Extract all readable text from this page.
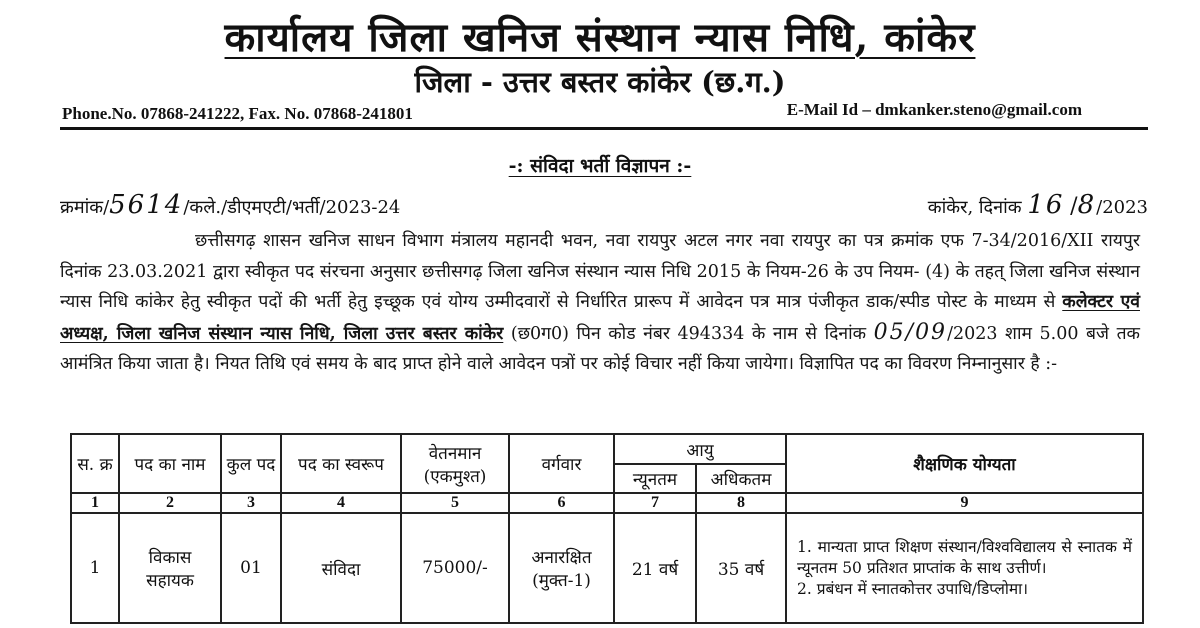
कार्यालय जिला खनिज संस्थान न्यास निधि, कांकेर
जिला - उत्तर बस्तर कांकेर (छ.ग.)
Phone.No. 07868-241222, Fax. No. 07868-241801	E-Mail Id – dmkanker.steno@gmail.com
-: संविदा भर्ती विज्ञापन :-
क्रमांक/5614/कले./डीएमएटी/भर्ती/2023-24	कांकेर, दिनांक 16 /8/2023
छत्तीसगढ़ शासन खनिज साधन विभाग मंत्रालय महानदी भवन, नवा रायपुर अटल नगर नवा रायपुर का पत्र क्रमांक एफ 7-34/2016/XII रायपुर दिनांक 23.03.2021 द्वारा स्वीकृत पद संरचना अनुसार छत्तीसगढ़ जिला खनिज संस्थान न्यास निधि 2015 के नियम-26 के उप नियम- (4) के तहत् जिला खनिज संस्थान न्यास निधि कांकेर हेतु स्वीकृत पदों की भर्ती हेतु इच्छूक एवं योग्य उम्मीदवारों से निर्धारित प्रारूप में आवेदन पत्र मात्र पंजीकृत डाक/स्पीड पोस्ट के माध्यम से कलेक्टर एवं अध्यक्ष, जिला खनिज संस्थान न्यास निधि, जिला उत्तर बस्तर कांकेर (छ0ग0) पिन कोड नंबर 494334 के नाम से दिनांक 05/09/2023 शाम 5.00 बजे तक आमंत्रित किया जाता है। नियत तिथि एवं समय के बाद प्राप्त होने वाले आवेदन पत्रों पर कोई विचार नहीं किया जायेगा। विज्ञापित पद का विवरण निम्नानुसार है :-
स. क्र	पद का नाम	कुल पद	पद का स्वरूप	वेतनमान (एकमुश्त)	वर्गवार	आयु		शैक्षणिक योग्यता
						न्यूनतम	अधिकतम	
1	2	3	4	5	6	7	8	9
1	विकास सहायक	01	संविदा	75000/-	अनारक्षित (मुक्त-1)	21 वर्ष	35 वर्ष	1. मान्यता प्राप्त शिक्षण संस्थान/विश्वविद्यालय से स्नातक में न्यूनतम 50 प्रतिशत प्राप्तांक के साथ उत्तीर्ण।
2. प्रबंधन में स्नातकोत्तर उपाधि/डिप्लोमा।
